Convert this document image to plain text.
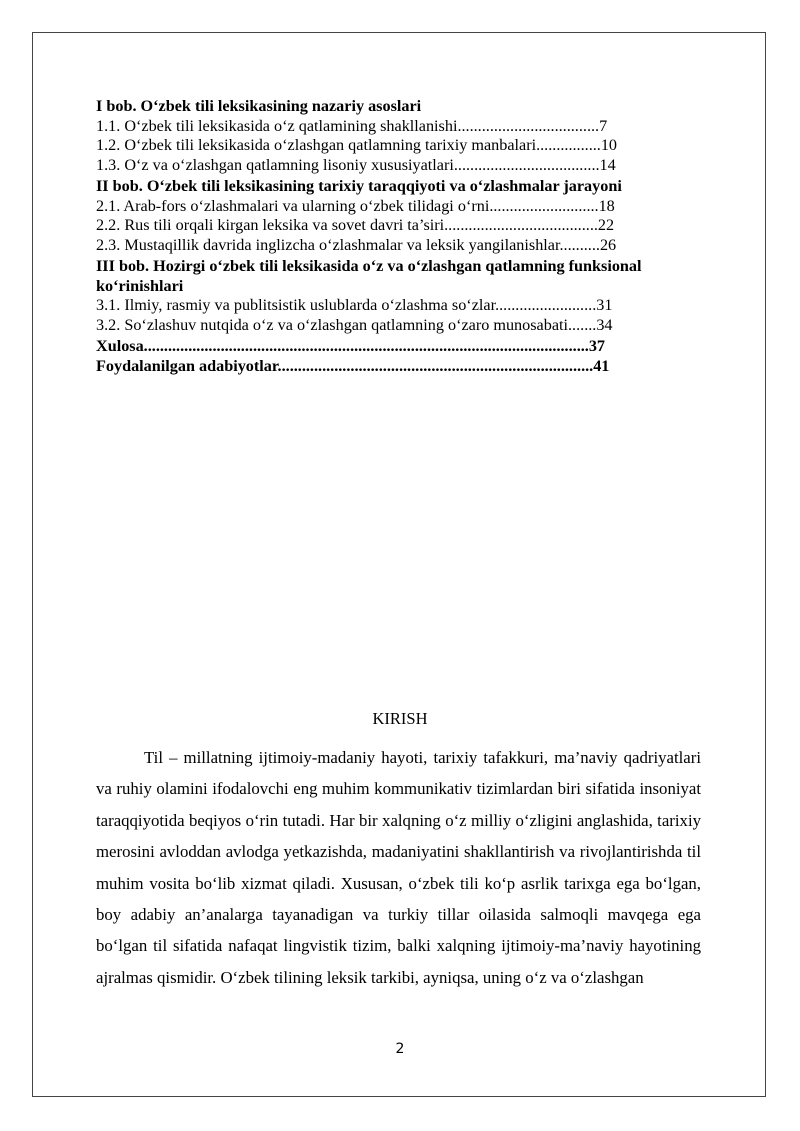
I bob. O‘zbek tili leksikasining nazariy asoslari
1.1. O‘zbek tili leksikasida o‘z qatlamining shakllanishi...................................7
1.2. O‘zbek tili leksikasida o‘zlashgan qatlamning tarixiy manbalari................10
1.3. O‘z va o‘zlashgan qatlamning lisoniy xususiyatlari....................................14
II bob. O‘zbek tili leksikasining tarixiy taraqqiyoti va o‘zlashmalar jarayoni
2.1. Arab-fors o‘zlashmalari va ularning o‘zbek tilidagi o‘rni...........................18
2.2. Rus tili orqali kirgan leksika va sovet davri ta’siri......................................22
2.3. Mustaqillik davrida inglizcha o‘zlashmalar va leksik yangilanishlar..........26
III bob. Hozirgi o‘zbek tili leksikasida o‘z va o‘zlashgan qatlamning funksional ko‘rinishlari
3.1. Ilmiy, rasmiy va publitsistik uslublarda o‘zlashma so‘zlar.........................31
3.2. So‘zlashuv nutqida o‘z va o‘zlashgan qatlamning o‘zaro munosabati.......34
Xulosa..............................................................................................................37
Foydalanilgan adabiyotlar..............................................................................41
KIRISH

Til – millatning ijtimoiy-madaniy hayoti, tarixiy tafakkuri, ma’naviy qadriyatlari va ruhiy olamini ifodalovchi eng muhim kommunikativ tizimlardan biri sifatida insoniyat taraqqiyotida beqiyos o‘rin tutadi. Har bir xalqning o‘z milliy o‘zligini anglashida, tarixiy merosini avloddan avlodga yetkazishda, madaniyatini shakllantirish va rivojlantirishda til muhim vosita bo‘lib xizmat qiladi. Xususan, o‘zbek tili ko‘p asrlik tarixga ega bo‘lgan, boy adabiy an’analarga tayanadigan va turkiy tillar oilasida salmoqli mavqega ega bo‘lgan til sifatida nafaqat lingvistik tizim, balki xalqning ijtimoiy-ma’naviy hayotining ajralmas qismidir. O‘zbek tilining leksik tarkibi, ayniqsa, uning o‘z va o‘zlashgan

2
